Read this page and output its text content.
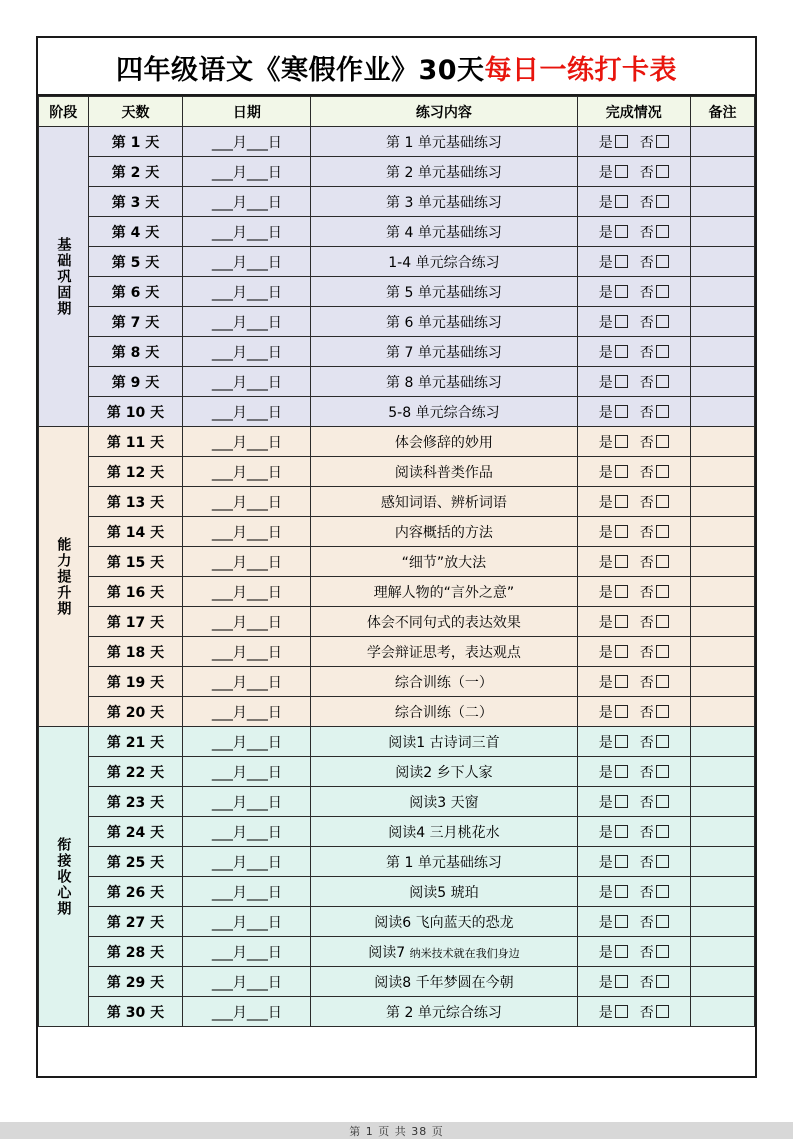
四年级语文《寒假作业》30天每日一练打卡表
阶段	天数	日期	练习内容	完成情况	备注
基础巩固期	第 1 天	___月___日	第 1 单元基础练习	是 否	
	第 2 天	___月___日	第 2 单元基础练习	是 否	
	第 3 天	___月___日	第 3 单元基础练习	是 否	
	第 4 天	___月___日	第 4 单元基础练习	是 否	
	第 5 天	___月___日	1-4 单元综合练习	是 否	
	第 6 天	___月___日	第 5 单元基础练习	是 否	
	第 7 天	___月___日	第 6 单元基础练习	是 否	
	第 8 天	___月___日	第 7 单元基础练习	是 否	
	第 9 天	___月___日	第 8 单元基础练习	是 否	
	第 10 天	___月___日	5-8 单元综合练习	是 否	
能力提升期	第 11 天	___月___日	体会修辞的妙用	是 否	
	第 12 天	___月___日	阅读科普类作品	是 否	
	第 13 天	___月___日	感知词语、辨析词语	是 否	
	第 14 天	___月___日	内容概括的方法	是 否	
	第 15 天	___月___日	“细节”放大法	是 否	
	第 16 天	___月___日	理解人物的“言外之意”	是 否	
	第 17 天	___月___日	体会不同句式的表达效果	是 否	
	第 18 天	___月___日	学会辩证思考，表达观点	是 否	
	第 19 天	___月___日	综合训练（一）	是 否	
	第 20 天	___月___日	综合训练（二）	是 否	
衔接收心期	第 21 天	___月___日	阅读1 古诗词三首	是 否	
	第 22 天	___月___日	阅读2 乡下人家	是 否	
	第 23 天	___月___日	阅读3 天窗	是 否	
	第 24 天	___月___日	阅读4 三月桃花水	是 否	
	第 25 天	___月___日	第 1 单元基础练习	是 否	
	第 26 天	___月___日	阅读5 琥珀	是 否	
	第 27 天	___月___日	阅读6 飞向蓝天的恐龙	是 否	
	第 28 天	___月___日	阅读7 纳米技术就在我们身边	是 否	
	第 29 天	___月___日	阅读8 千年梦圆在今朝	是 否	
	第 30 天	___月___日	第 2 单元综合练习	是 否	
第 1 页 共 38 页
